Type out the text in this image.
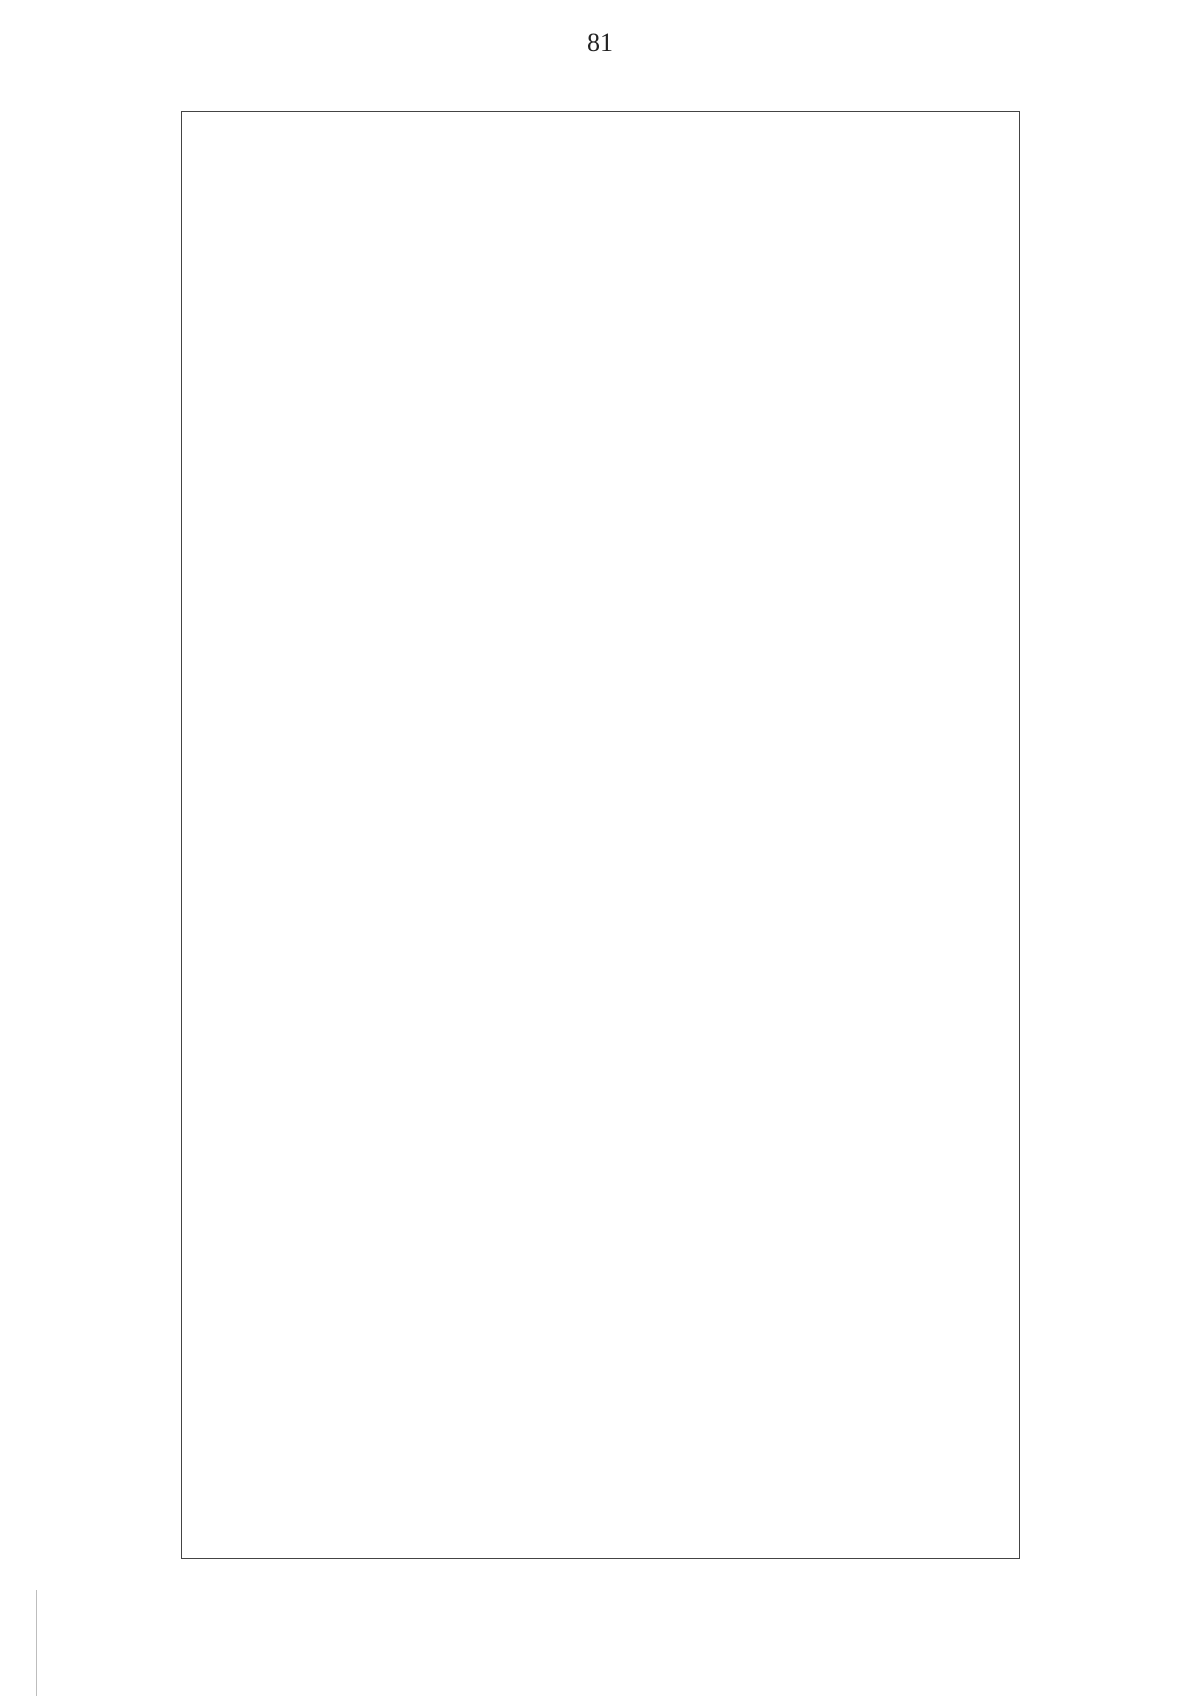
81
